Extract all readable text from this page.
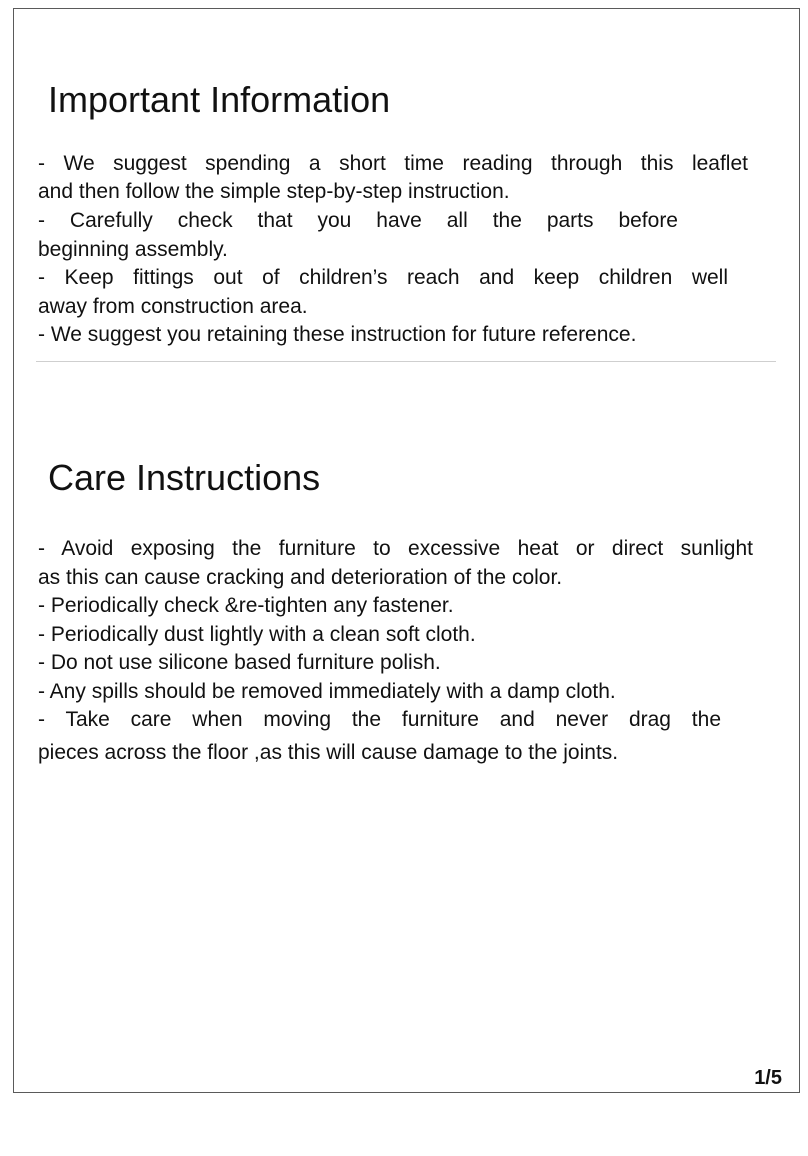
Important Information

- We suggest spending a short time reading through this leaflet

and then follow the simple step-by-step instruction.

- Carefully check that you have all the parts before

beginning assembly.

- Keep fittings out of children’s reach and keep children well

away from construction area.

- We suggest you retaining these instruction for future reference.

Care Instructions

- Avoid exposing the furniture to excessive heat or direct sunlight

as this can cause cracking and deterioration of the color.

- Periodically check &re-tighten any fastener.

- Periodically dust lightly with a clean soft cloth.

- Do not use silicone based furniture polish.

- Any spills should be removed immediately with a damp cloth.

- Take care when moving the furniture and never drag the

pieces across the floor ,as this will cause damage to the joints.

1/5
